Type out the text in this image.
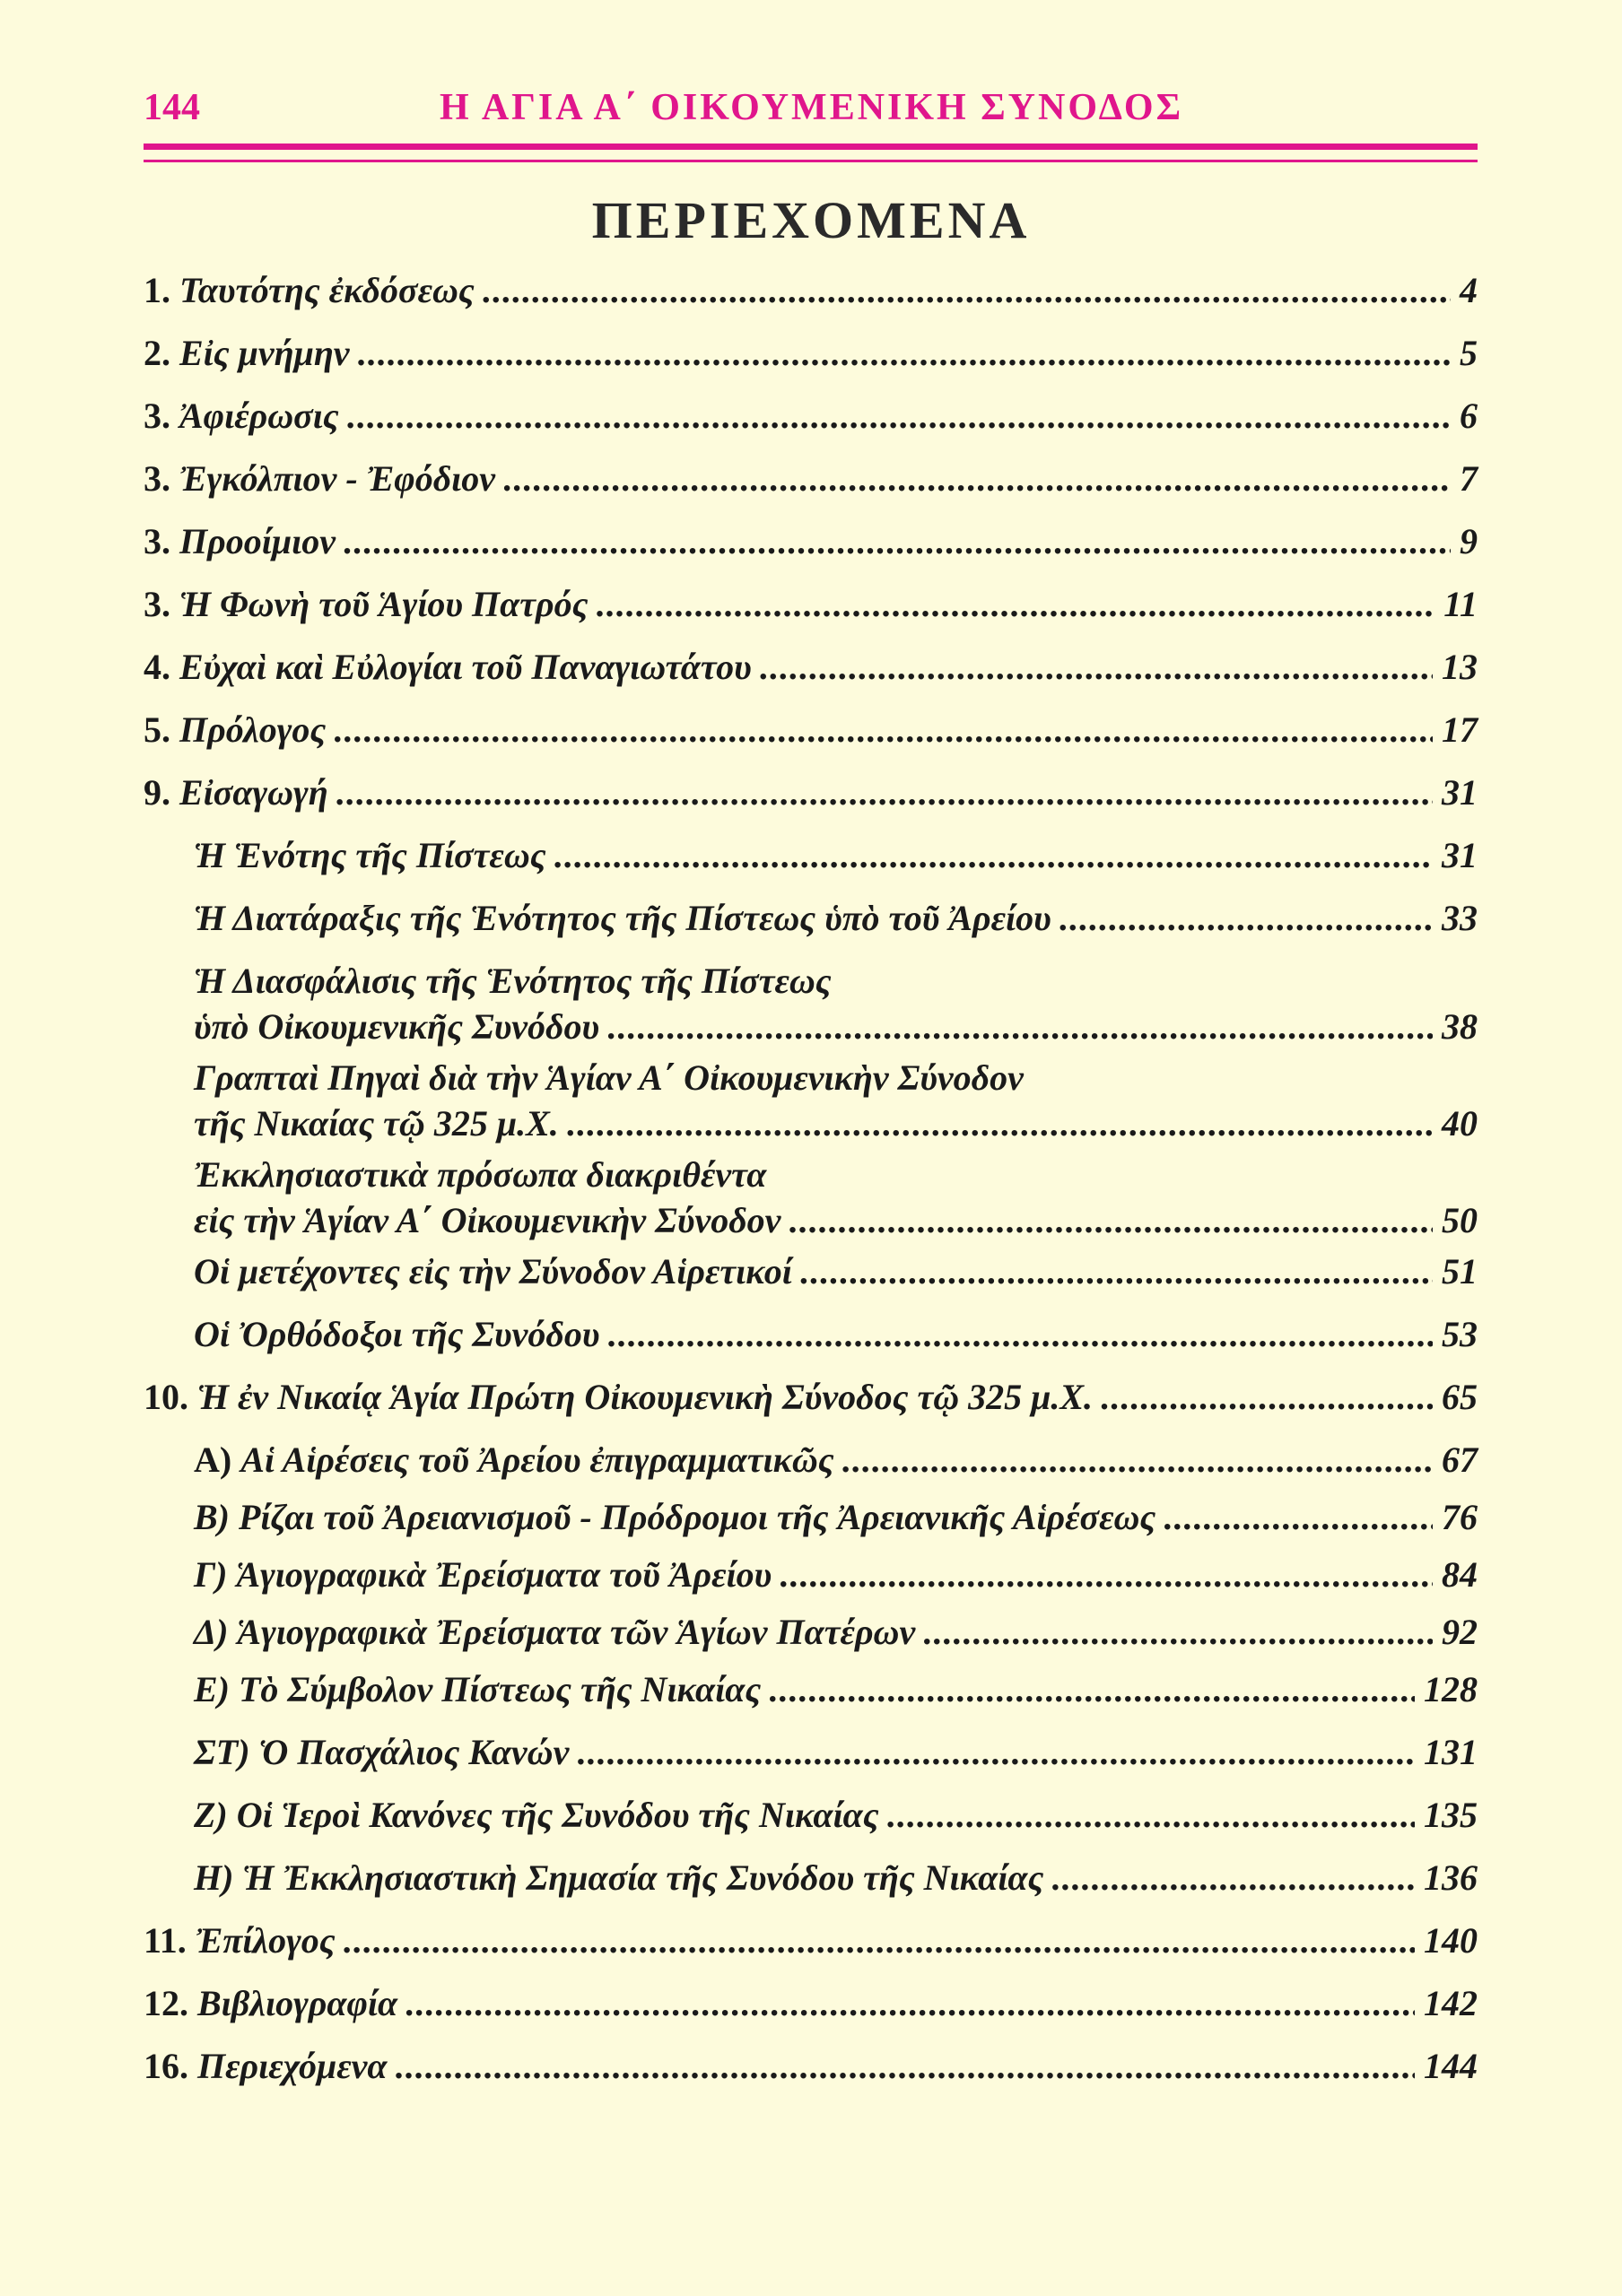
144	Η ΑΓΙΑ Α΄ ΟΙΚΟΥΜΕΝΙΚΗ ΣΥΝΟΔΟΣ
ΠΕΡΙΕΧΟΜΕΝΑ
1. Ταυτότης ἐκδόσεως .....	4
2. Εἰς μνήμην .....	5
3. Ἀφιέρωσις .....	6
3. Ἐγκόλπιον - Ἐφόδιον .....	7
3. Προοίμιον .....	9
3. Ἡ Φωνὴ τοῦ Ἁγίου Πατρός .....	11
4. Εὐχαὶ καὶ Εὐλογίαι τοῦ Παναγιωτάτου .....	13
5. Πρόλογος .....	17
9. Εἰσαγωγή .....	31
Ἡ Ἑνότης τῆς Πίστεως .....	31
Ἡ Διατάραξις τῆς Ἑνότητος τῆς Πίστεως ὑπὸ τοῦ Ἀρείου .....	33
Ἡ Διασφάλισις τῆς Ἑνότητος τῆς Πίστεως
ὑπὸ Οἰκουμενικῆς Συνόδου .....	38
Γραπταὶ Πηγαὶ διὰ τὴν Ἁγίαν Α΄ Οἰκουμενικὴν Σύνοδον
τῆς Νικαίας τῷ 325 μ.Χ. .....	40
Ἐκκλησιαστικὰ πρόσωπα διακριθέντα
εἰς τὴν Ἁγίαν Α΄ Οἰκουμενικὴν Σύνοδον .....	50
Οἱ μετέχοντες εἰς τὴν Σύνοδον Αἱρετικοί .....	51
Οἱ Ὀρθόδοξοι τῆς Συνόδου .....	53
10. Ἡ ἐν Νικαίᾳ Ἁγία Πρώτη Οἰκουμενικὴ Σύνοδος τῷ 325 μ.Χ. .....	65
Α) Αἱ Αἱρέσεις τοῦ Ἀρείου ἐπιγραμματικῶς .....	67
Β) Ρίζαι τοῦ Ἀρειανισμοῦ - Πρόδρομοι τῆς Ἀρειανικῆς Αἱρέσεως .....	76
Γ) Ἁγιογραφικὰ Ἐρείσματα τοῦ Ἀρείου .....	84
Δ) Ἁγιογραφικὰ Ἐρείσματα τῶν Ἁγίων Πατέρων .....	92
Ε) Τὸ Σύμβολον Πίστεως τῆς Νικαίας .....	128
ΣΤ) Ὁ Πασχάλιος Κανών .....	131
Ζ) Οἱ Ἱεροὶ Κανόνες τῆς Συνόδου τῆς Νικαίας .....	135
Η) Ἡ Ἐκκλησιαστικὴ Σημασία τῆς Συνόδου τῆς Νικαίας .....	136
11. Ἐπίλογος .....	140
12. Βιβλιογραφία .....	142
16. Περιεχόμενα .....	144
